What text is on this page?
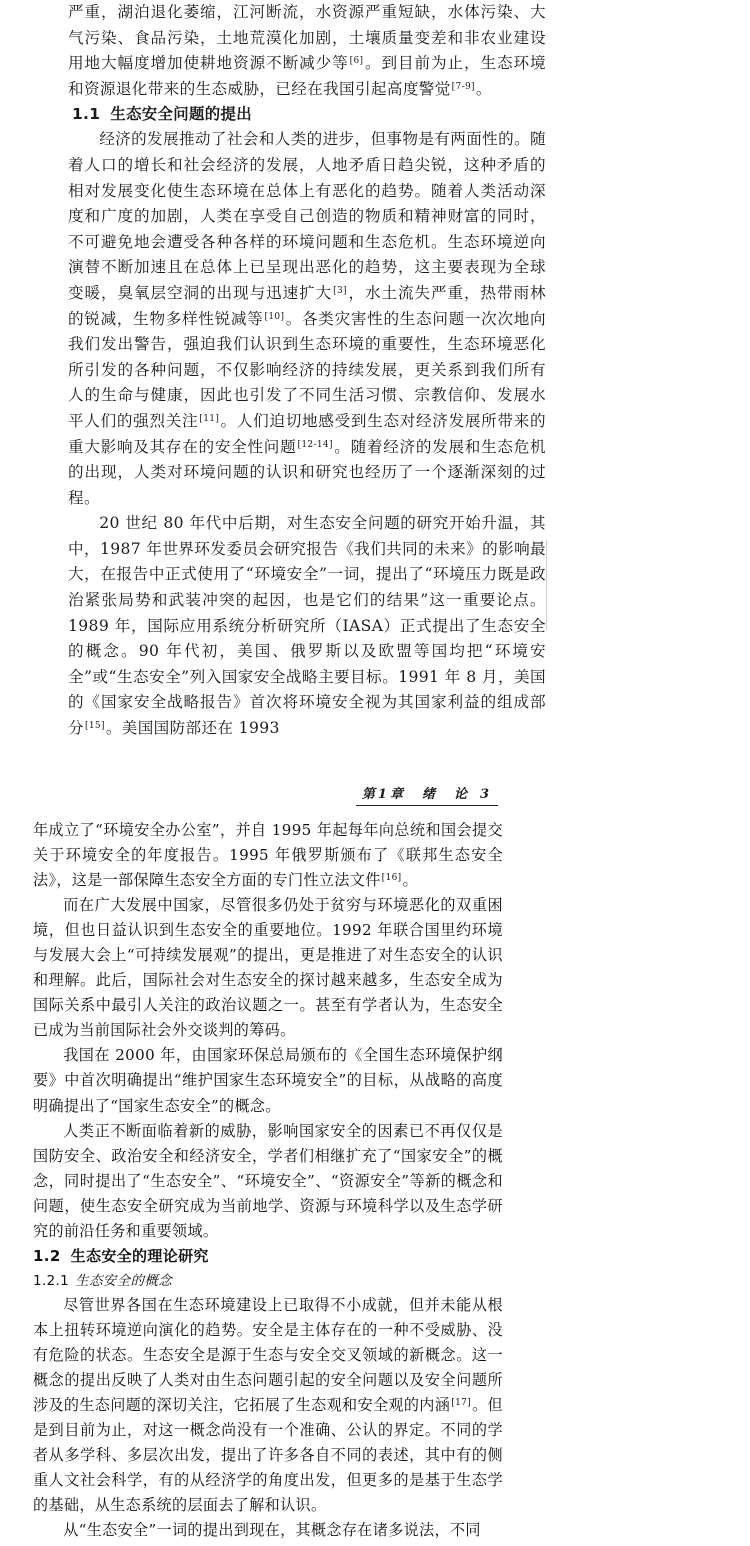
严重，湖泊退化萎缩，江河断流，水资源严重短缺，水体污染、大气污染、食品污染，土地荒漠化加剧，土壤质量变差和非农业建设用地大幅度增加使耕地资源不断减少等[6]。到目前为止，生态环境和资源退化带来的生态威胁，已经在我国引起高度警觉[7-9]。

1.1 生态安全问题的提出

经济的发展推动了社会和人类的进步，但事物是有两面性的。随着人口的增长和社会经济的发展，人地矛盾日趋尖锐，这种矛盾的相对发展变化使生态环境在总体上有恶化的趋势。随着人类活动深度和广度的加剧，人类在享受自己创造的物质和精神财富的同时，不可避免地会遭受各种各样的环境问题和生态危机。生态环境逆向演替不断加速且在总体上已呈现出恶化的趋势，这主要表现为全球变暖，臭氧层空洞的出现与迅速扩大[3]，水土流失严重，热带雨林的锐减，生物多样性锐减等[10]。各类灾害性的生态问题一次次地向我们发出警告，强迫我们认识到生态环境的重要性，生态环境恶化所引发的各种问题，不仅影响经济的持续发展，更关系到我们所有人的生命与健康，因此也引发了不同生活习惯、宗教信仰、发展水平人们的强烈关注[11]。人们迫切地感受到生态对经济发展所带来的重大影响及其存在的安全性问题[12-14]。随着经济的发展和生态危机的出现，人类对环境问题的认识和研究也经历了一个逐渐深刻的过程。

20 世纪 80 年代中后期，对生态安全问题的研究开始升温，其中，1987 年世界环发委员会研究报告《我们共同的未来》的影响最大，在报告中正式使用了“环境安全”一词，提出了“环境压力既是政治紧张局势和武装冲突的起因，也是它们的结果”这一重要论点。1989 年，国际应用系统分析研究所（IASA）正式提出了生态安全的概念。90 年代初，美国、俄罗斯以及欧盟等国均把“环境安全”或“生态安全”列入国家安全战略主要目标。1991 年 8 月，美国的《国家安全战略报告》首次将环境安全视为其国家利益的组成部分[15]。美国国防部还在 1993

第1章　绪　论 3

年成立了“环境安全办公室”，并自 1995 年起每年向总统和国会提交关于环境安全的年度报告。1995 年俄罗斯颁布了《联邦生态安全法》，这是一部保障生态安全方面的专门性立法文件[16]。

而在广大发展中国家，尽管很多仍处于贫穷与环境恶化的双重困境，但也日益认识到生态安全的重要地位。1992 年联合国里约环境与发展大会上“可持续发展观”的提出，更是推进了对生态安全的认识和理解。此后，国际社会对生态安全的探讨越来越多，生态安全成为国际关系中最引人关注的政治议题之一。甚至有学者认为，生态安全已成为当前国际社会外交谈判的筹码。

我国在 2000 年，由国家环保总局颁布的《全国生态环境保护纲要》中首次明确提出“维护国家生态环境安全”的目标，从战略的高度明确提出了“国家生态安全”的概念。

人类正不断面临着新的威胁，影响国家安全的因素已不再仅仅是国防安全、政治安全和经济安全，学者们相继扩充了“国家安全”的概念，同时提出了“生态安全”、“环境安全”、“资源安全”等新的概念和问题，使生态安全研究成为当前地学、资源与环境科学以及生态学研究的前沿任务和重要领域。

1.2 生态安全的理论研究
1.2.1 生态安全的概念

尽管世界各国在生态环境建设上已取得不小成就，但并未能从根本上扭转环境逆向演化的趋势。安全是主体存在的一种不受威胁、没有危险的状态。生态安全是源于生态与安全交叉领域的新概念。这一概念的提出反映了人类对由生态问题引起的安全问题以及安全问题所涉及的生态问题的深切关注，它拓展了生态观和安全观的内涵[17]。但是到目前为止，对这一概念尚没有一个准确、公认的界定。不同的学者从多学科、多层次出发，提出了许多各自不同的表述，其中有的侧重人文社会科学，有的从经济学的角度出发，但更多的是基于生态学的基础，从生态系统的层面去了解和认识。

从“生态安全”一词的提出到现在，其概念存在诸多说法，不同
